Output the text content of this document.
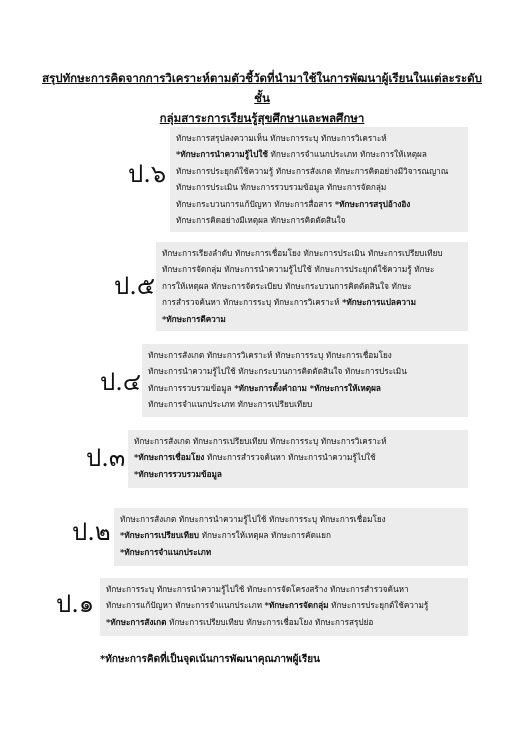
สรุปทักษะการคิดจากการวิเคราะห์ตามตัวชี้วัดที่นำมาใช้ในการพัฒนาผู้เรียนในแต่ละระดับชั้น
กลุ่มสาระการเรียนรู้สุขศึกษาและพลศึกษา
ป.๖
ป.๕
ป.๔
ป.๓
ป.๒
ป.๑
ทักษะการสรุปลงความเห็น ทักษะการระบุ ทักษะการวิเคราะห์
*ทักษะการนำความรู้ไปใช้ ทักษะการจำแนกประเภท ทักษะการให้เหตุผล
ทักษะการประยุกต์ใช้ความรู้ ทักษะการสังเกต ทักษะการคิดอย่างมีวิจารณญาณ
ทักษะการประเมิน ทักษะการรวบรวมข้อมูล ทักษะการจัดกลุ่ม
ทักษะกระบวนการแก้ปัญหา ทักษะการสื่อสาร *ทักษะการสรุปอ้างอิง
ทักษะการคิดอย่างมีเหตุผล ทักษะการคิดตัดสินใจ
ทักษะการเรียงลำดับ ทักษะการเชื่อมโยง ทักษะการประเมิน ทักษะการเปรียบเทียบ
ทักษะการจัดกลุ่ม ทักษะการนำความรู้ไปใช้ ทักษะการประยุกต์ใช้ความรู้ ทักษะ
การให้เหตุผล ทักษะการจัดระเบียบ ทักษะกระบวนการคิดตัดสินใจ ทักษะ
การสำรวจค้นหา ทักษะการระบุ ทักษะการวิเคราะห์ *ทักษะการแปลความ
*ทักษะการตีความ
ทักษะการสังเกต ทักษะการวิเคราะห์ ทักษะการระบุ ทักษะการเชื่อมโยง
ทักษะการนำความรู้ไปใช้ ทักษะกระบวนการคิดตัดสินใจ ทักษะการประเมิน
ทักษะการรวบรวมข้อมูล *ทักษะการตั้งคำถาม *ทักษะการให้เหตุผล
ทักษะการจำแนกประเภท ทักษะการเปรียบเทียบ
ทักษะการสังเกต ทักษะการเปรียบเทียบ ทักษะการระบุ ทักษะการวิเคราะห์
*ทักษะการเชื่อมโยง ทักษะการสำรวจค้นหา ทักษะการนำความรู้ไปใช้
*ทักษะการรวบรวมข้อมูล
ทักษะการสังเกต ทักษะการนำความรู้ไปใช้ ทักษะการระบุ ทักษะการเชื่อมโยง
*ทักษะการเปรียบเทียบ ทักษะการให้เหตุผล ทักษะการคัดแยก
*ทักษะการจำแนกประเภท
ทักษะการระบุ ทักษะการนำความรู้ไปใช้ ทักษะการจัดโครงสร้าง ทักษะการสำรวจค้นหา
ทักษะการแก้ปัญหา ทักษะการจำแนกประเภท *ทักษะการจัดกลุ่ม ทักษะการประยุกต์ใช้ความรู้
*ทักษะการสังเกต ทักษะการเปรียบเทียบ ทักษะการเชื่อมโยง ทักษะการสรุปย่อ
*ทักษะการคิดที่เป็นจุดเน้นการพัฒนาคุณภาพผู้เรียน
